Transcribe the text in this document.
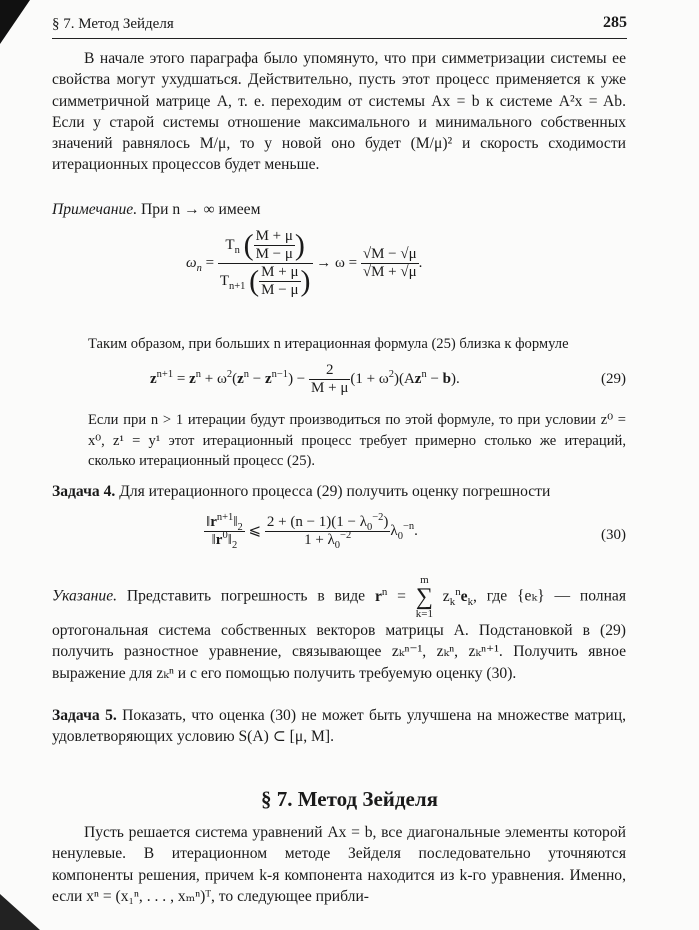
§ 7. Метод Зейделя	285

В начале этого параграфа было упомянуто, что при симметризации системы ее свойства могут ухудшаться. Действительно, пусть этот процесс применяется к уже симметричной матрице A, т. е. переходим от системы Ax = b к системе A²x = Ab. Если у старой системы отношение максимального и минимального собственных значений равнялось M/μ, то у новой оно будет (M/μ)² и скорость сходимости итерационных процессов будет меньше.

Примечание. При n → ∞ имеем
$\omega_n = \frac{T_n ( \frac{M + \mu}{M - \mu} )}{T_{n+1} ( \frac{M + \mu}{M - \mu} )} \to \omega = \frac{√M - √\mu}{√M + √\mu}$ .

Таким образом, при больших n итерационная формула (25) близка к формуле

$z^{n+1} = z^n + \omega^2(z^n - z^{n-1}) - \frac{2}{M + \mu} (1 + \omega^2)(Az^n - b)$.	(29)

Если при n > 1 итерации будут производиться по этой формуле, то при условии z⁰ = x⁰, z¹ = y¹ этот итерационный процесс требует примерно столько же итераций, сколько итерационный процесс (25).

Задача 4. Для итерационного процесса (29) получить оценку погрешности
$\frac{‖r^{n+1}‖_2}{‖r^0‖_2}$ ⩽ $\frac{2 + (n - 1)(1 - \lambda_0^{-2})}{1 + \lambda_0^{-2}} \lambda_0^{-n}$.	(30)
Указание. Представить погрешность в виде $r^n = m$
∑
k=1 $z_k^ne_k$, где {eₖ} — полная ортогональная система собственных векторов матрицы A. Подстановкой в (29) получить разностное уравнение, связывающее zₖⁿ⁻¹, zₖⁿ, zₖⁿ⁺¹. Получить явное выражение для zₖⁿ и с его помощью получить требуемую оценку (30).
Задача 5. Показать, что оценка (30) не может быть улучшена на множестве матриц, удовлетворяющих условию S(A) ⊂ [μ, M].
§ 7. Метод Зейделя

Пусть решается система уравнений Ax = b, все диагональные элементы которой ненулевые. В итерационном методе Зейделя последовательно уточняются компоненты решения, причем k-я компонента находится из k-го уравнения. Именно, если xⁿ = (x₁ⁿ, . . . , xₘⁿ)ᵀ, то следующее прибли-
